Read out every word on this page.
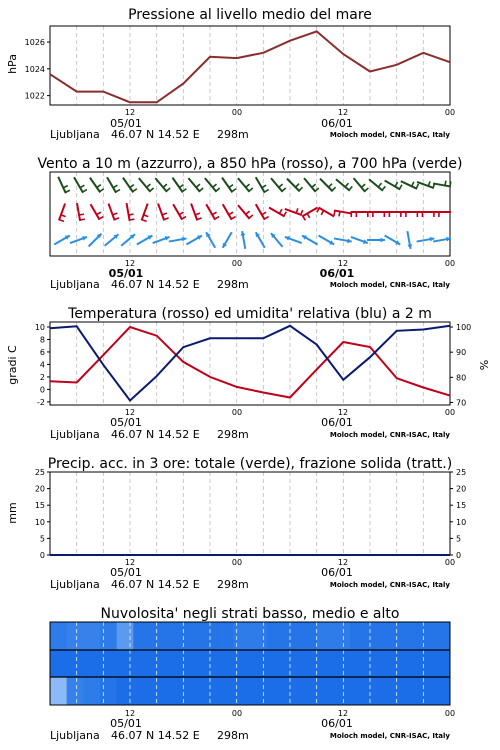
Pressione al livello medio del mare
hPa
1022
1024
1026
12	00	12	00
05/01	06/01
Ljubljana 46.07 N 14.52 E 298m	Moloch model, CNR-ISAC, Italy
Vento a 10 m (azzurro), a 850 hPa (rosso), a 700 hPa (verde)
12	00	12	00
05/01	06/01
Ljubljana 46.07 N 14.52 E 298m	Moloch model, CNR-ISAC, Italy
Temperatura (rosso) ed umidita' relativa (blu) a 2 m
gradi C	%
10
8
6
4
2
0
-2
100
90
80
70
12	00	12	00
05/01	06/01
Ljubljana 46.07 N 14.52 E 298m	Moloch model, CNR-ISAC, Italy
Precip. acc. in 3 ore: totale (verde), frazione solida (tratt.)
mm
25	25
20	20
15	15
10	10
5	5
0	0
12	00	12	00
05/01	06/01
Ljubljana 46.07 N 14.52 E 298m	Moloch model, CNR-ISAC, Italy
Nuvolosita' negli strati basso, medio e alto
12	00	12	00
05/01	06/01
Ljubljana 46.07 N 14.52 E 298m	Moloch model, CNR-ISAC, Italy
